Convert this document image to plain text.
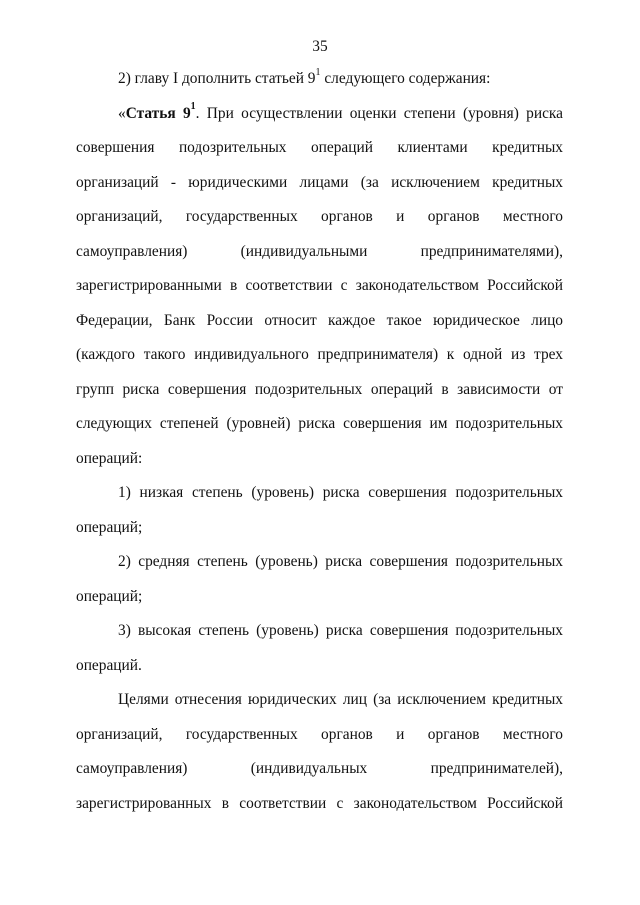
35

2) главу I дополнить статьей $9^1$ следующего содержания:

«Статья $9^1$. При осуществлении оценки степени (уровня) риска совершения подозрительных операций клиентами кредитных организаций - юридическими лицами (за исключением кредитных организаций, государственных органов и органов местного самоуправления) (индивидуальными предпринимателями), зарегистрированными в соответствии с законодательством Российской Федерации, Банк России относит каждое такое юридическое лицо (каждого такого индивидуального предпринимателя) к одной из трех групп риска совершения подозрительных операций в зависимости от следующих степеней (уровней) риска совершения им подозрительных операций:

1) низкая степень (уровень) риска совершения подозрительных операций;

2) средняя степень (уровень) риска совершения подозрительных операций;

3) высокая степень (уровень) риска совершения подозрительных операций.

Целями отнесения юридических лиц (за исключением кредитных организаций, государственных органов и органов местного самоуправления) (индивидуальных предпринимателей), зарегистрированных в соответствии с законодательством Российской
